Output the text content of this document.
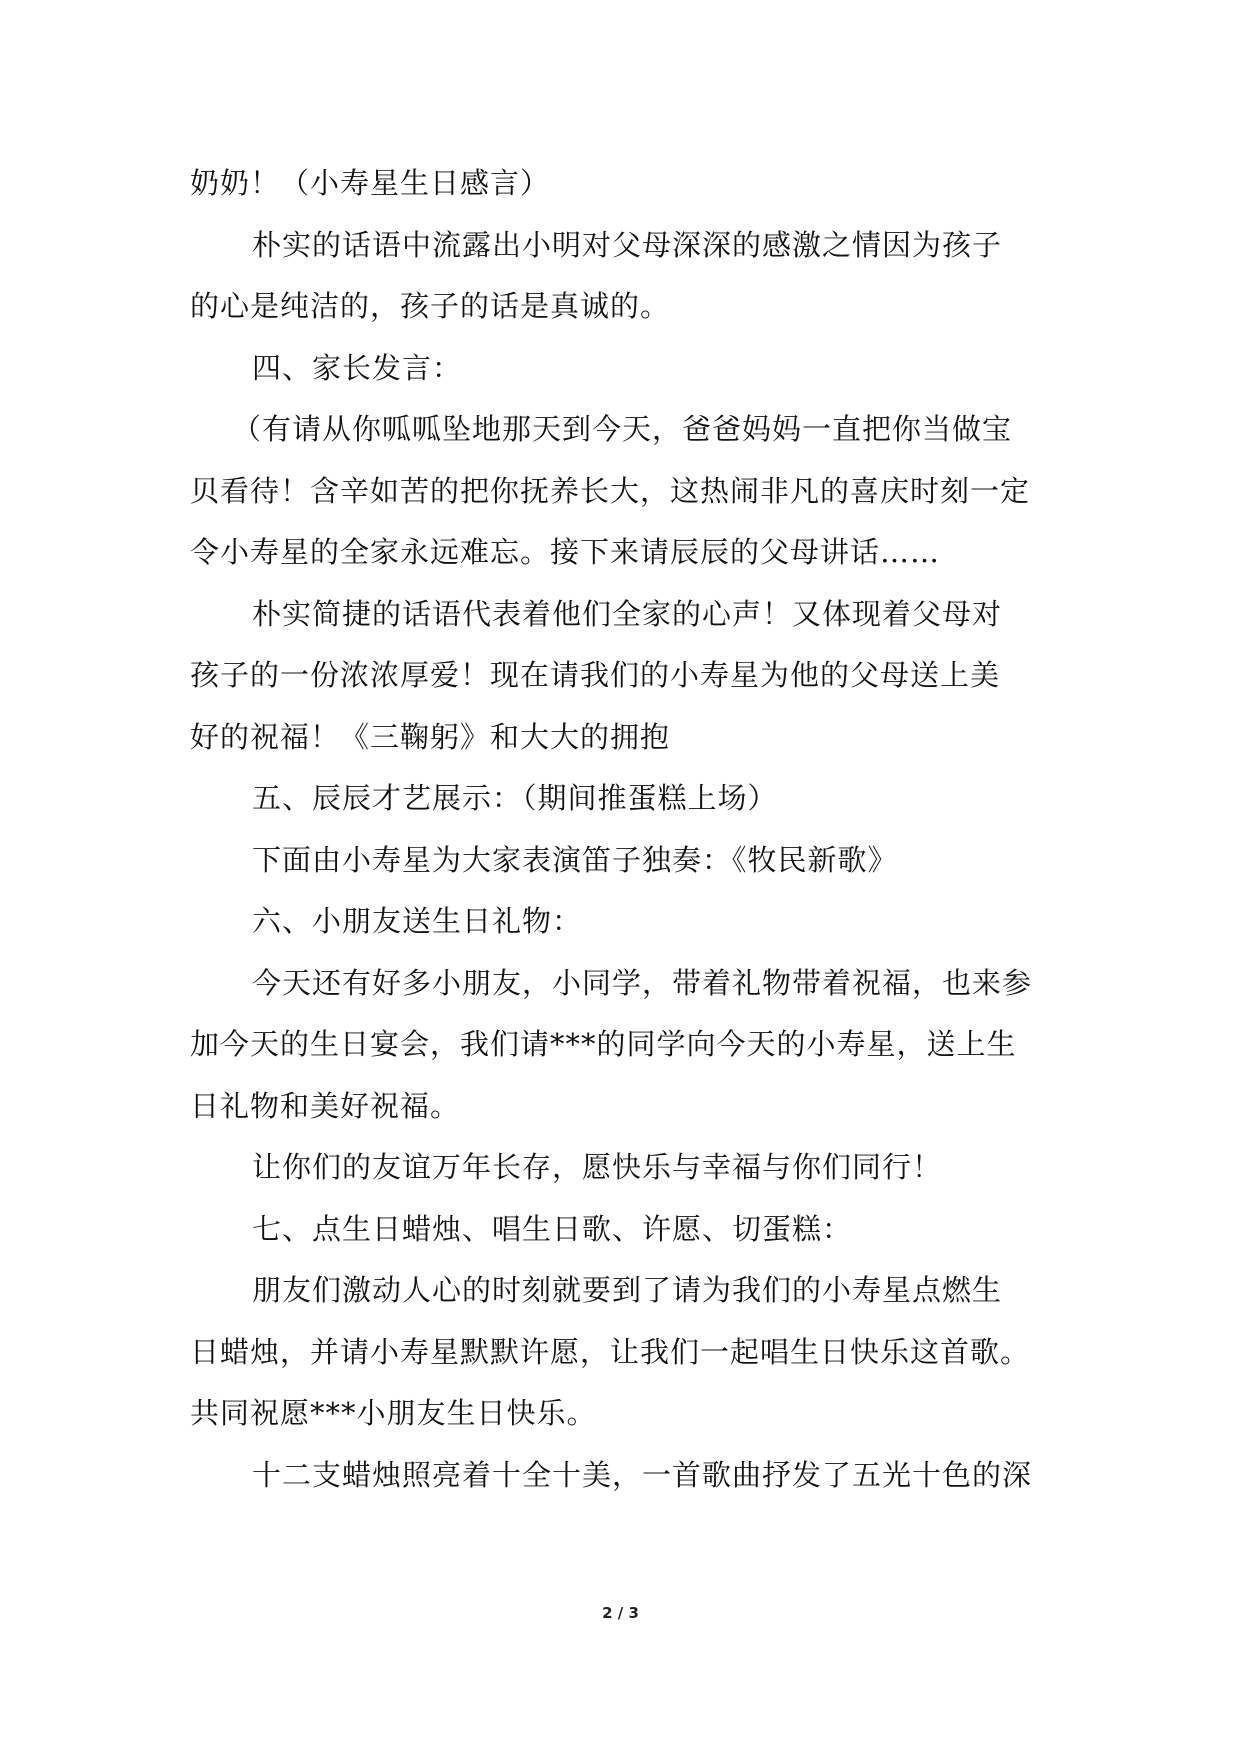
奶奶！（小寿星生日感言）
朴实的话语中流露出小明对父母深深的感激之情因为孩子
的心是纯洁的，孩子的话是真诚的。
四、家长发言：
（有请从你呱呱坠地那天到今天，爸爸妈妈一直把你当做宝
贝看待！含辛如苦的把你抚养长大，这热闹非凡的喜庆时刻一定
令小寿星的全家永远难忘。接下来请辰辰的父母讲话……
朴实简捷的话语代表着他们全家的心声！又体现着父母对
孩子的一份浓浓厚爱！现在请我们的小寿星为他的父母送上美
好的祝福！《三鞠躬》和大大的拥抱
五、辰辰才艺展示：（期间推蛋糕上场）
下面由小寿星为大家表演笛子独奏：《牧民新歌》
六、小朋友送生日礼物：
今天还有好多小朋友，小同学，带着礼物带着祝福，也来参
加今天的生日宴会，我们请***的同学向今天的小寿星，送上生
日礼物和美好祝福。
让你们的友谊万年长存，愿快乐与幸福与你们同行！
七、点生日蜡烛、唱生日歌、许愿、切蛋糕：
朋友们激动人心的时刻就要到了请为我们的小寿星点燃生
日蜡烛，并请小寿星默默许愿，让我们一起唱生日快乐这首歌。
共同祝愿***小朋友生日快乐。
十二支蜡烛照亮着十全十美，一首歌曲抒发了五光十色的深
2 / 3
